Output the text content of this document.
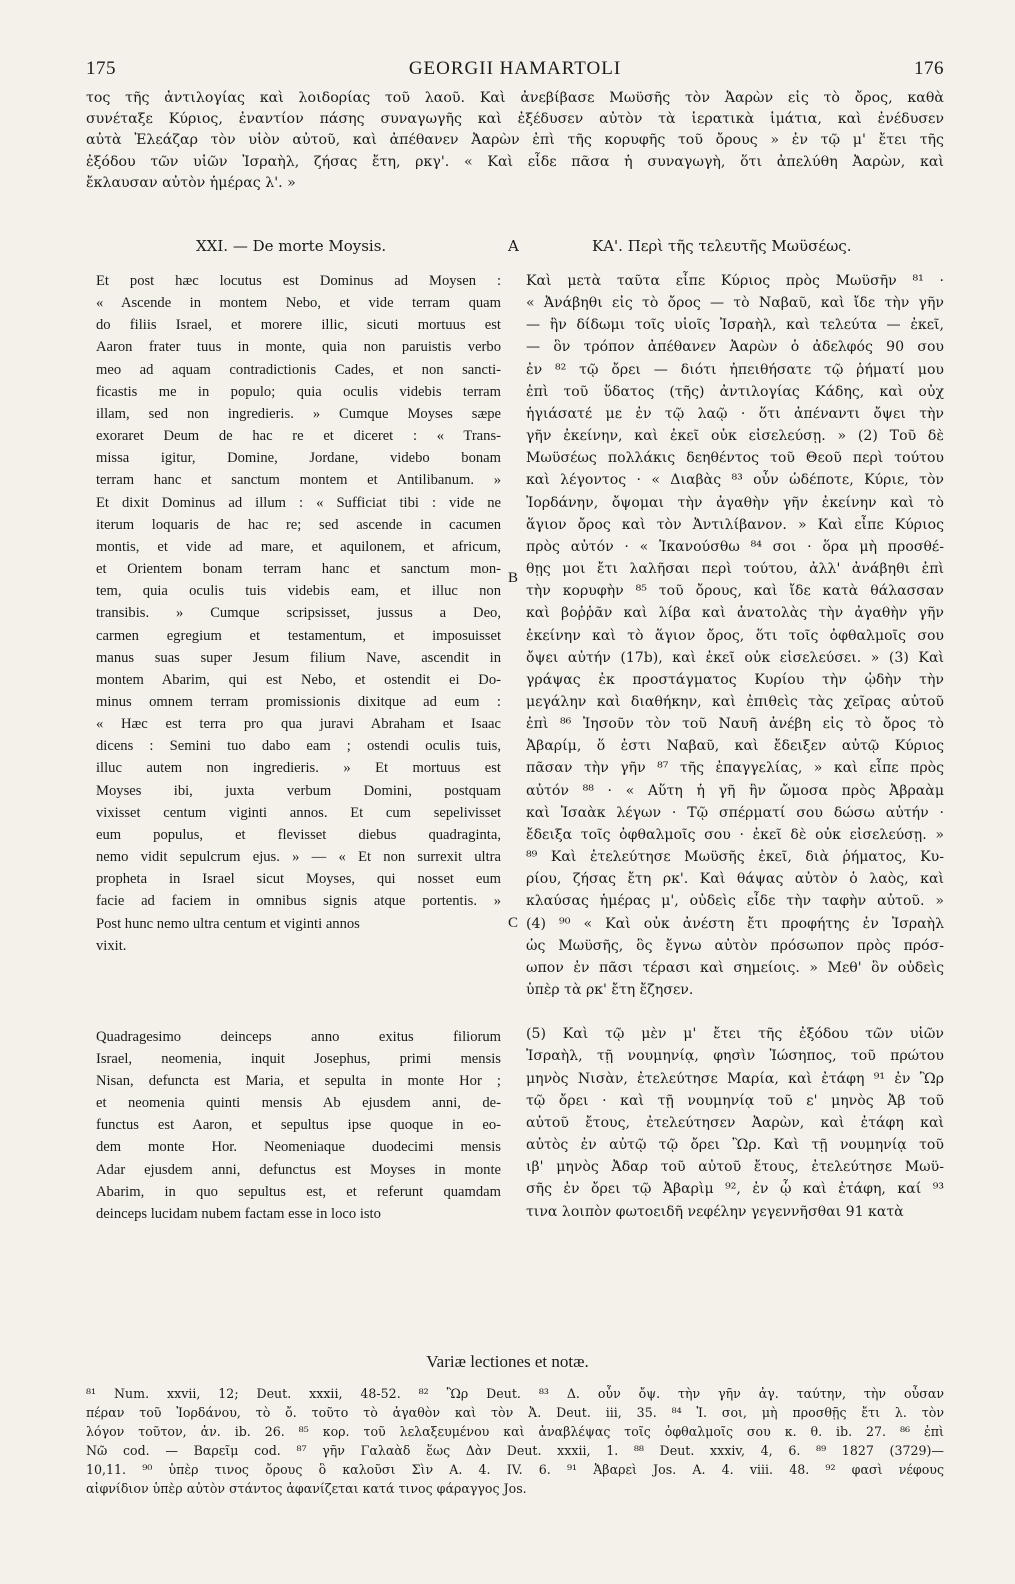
175	GEORGII HAMARTOLI	176
τος τῆς ἀντιλογίας καὶ λοιδορίας τοῦ λαοῦ. Καὶ ἀνεβίβασε Μωϋσῆς τὸν Ἀαρὼν εἰς τὸ ὄρος, καθὰ
συνέταξε Κύριος, ἐναντίον πάσης συναγωγῆς καὶ ἐξέδυσεν αὐτὸν τὰ ἱερατικὰ ἱμάτια, καὶ ἐνέδυσεν
αὐτὰ Ἐλεάζαρ τὸν υἱὸν αὐτοῦ, καὶ ἀπέθανεν Ἀαρὼν ἐπὶ τῆς κορυφῆς τοῦ ὄρους » ἐν τῷ μ' ἔτει τῆς
ἐξόδου τῶν υἱῶν Ἰσραὴλ, ζήσας ἔτη, ρκγ'. « Καὶ εἶδε πᾶσα ἡ συναγωγὴ, ὅτι ἀπελύθη Ἀαρὼν, καὶ
ἔκλαυσαν αὐτὸν ἡμέρας λ'. »
XXI. — De morte Moysis.	A	ΚΑ'. Περὶ τῆς τελευτῆς Μωϋσέως.
Et post hæc locutus est Dominus ad Moysen :
« Ascende in montem Nebo, et vide terram quam
do filiis Israel, et morere illic, sicuti mortuus est
Aaron frater tuus in monte, quia non paruistis verbo
meo ad aquam contradictionis Cades, et non sancti-
ficastis me in populo; quia oculis videbis terram
illam, sed non ingredieris. » Cumque Moyses sæpe
exoraret Deum de hac re et diceret : « Trans-
missa igitur, Domine, Jordane, videbo bonam
terram hanc et sanctum montem et Antilibanum. »
Et dixit Dominus ad illum : « Sufficiat tibi : vide ne
iterum loquaris de hac re; sed ascende in cacumen
montis, et vide ad mare, et aquilonem, et africum,
et Orientem bonam terram hanc et sanctum mon-
tem, quia oculis tuis videbis eam, et illuc non
transibis. » Cumque scripsisset, jussus a Deo,
carmen egregium et testamentum, et imposuisset
manus suas super Jesum filium Nave, ascendit in
montem Abarim, qui est Nebo, et ostendit ei Do-
minus omnem terram promissionis dixitque ad eum :
« Hæc est terra pro qua juravi Abraham et Isaac
dicens : Semini tuo dabo eam ; ostendi oculis tuis,
illuc autem non ingredieris. » Et mortuus est
Moyses ibi, juxta verbum Domini, postquam
vixisset centum viginti annos. Et cum sepelivisset
eum populus, et flevisset diebus quadraginta,
nemo vidit sepulcrum ejus. » — « Et non surrexit ultra
propheta in Israel sicut Moyses, qui nosset eum
facie ad faciem in omnibus signis atque portentis. »
Post hunc nemo ultra centum et viginti annos
vixit.
Quadragesimo deinceps anno exitus filiorum
Israel, neomenia, inquit Josephus, primi mensis
Nisan, defuncta est Maria, et sepulta in monte Hor ;
et neomenia quinti mensis Ab ejusdem anni, de-
functus est Aaron, et sepultus ipse quoque in eo-
dem monte Hor. Neomeniaque duodecimi mensis
Adar ejusdem anni, defunctus est Moyses in monte
Abarim, in quo sepultus est, et referunt quamdam
deinceps lucidam nubem factam esse in loco isto
Καὶ μετὰ ταῦτα εἶπε Κύριος πρὸς Μωϋσῆν ⁸¹ ·
« Ἀνάβηθι εἰς τὸ ὄρος — τὸ Ναβαῦ, καὶ ἴδε τὴν γῆν
— ἣν δίδωμι τοῖς υἱοῖς Ἰσραὴλ, καὶ τελεύτα — ἐκεῖ,
— ὃν τρόπον ἀπέθανεν Ἀαρὼν ὁ ἀδελφός 90 σου
ἐν ⁸² τῷ ὄρει — διότι ἠπειθήσατε τῷ ῥήματί μου
ἐπὶ τοῦ ὕδατος (τῆς) ἀντιλογίας Κάδης, καὶ οὐχ
ἡγιάσατέ με ἐν τῷ λαῷ · ὅτι ἀπέναντι ὄψει τὴν
γῆν ἐκείνην, καὶ ἐκεῖ οὐκ εἰσελεύσῃ. » (2) Τοῦ δὲ
Μωϋσέως πολλάκις δεηθέντος τοῦ Θεοῦ περὶ τούτου
καὶ λέγοντος · « Διαβὰς ⁸³ οὖν ὡδέποτε, Κύριε, τὸν
Ἰορδάνην, ὄψομαι τὴν ἀγαθὴν γῆν ἐκείνην καὶ τὸ
ἅγιον ὄρος καὶ τὸν Ἀντιλίβανον. » Καὶ εἶπε Κύριος
πρὸς αὐτόν · « Ἱκανούσθω ⁸⁴ σοι · ὅρα μὴ προσθέ-
θῃς μοι ἔτι λαλῆσαι περὶ τούτου, ἀλλ' ἀνάβηθι ἐπὶ
τὴν κορυφὴν ⁸⁵ τοῦ ὄρους, καὶ ἴδε κατὰ θάλασσαν
καὶ βοῤῥᾶν καὶ λίβα καὶ ἀνατολὰς τὴν ἀγαθὴν γῆν
ἐκείνην καὶ τὸ ἅγιον ὄρος, ὅτι τοῖς ὀφθαλμοῖς σου
ὄψει αὐτήν (17b), καὶ ἐκεῖ οὐκ εἰσελεύσει. » (3) Καὶ
γράψας ἐκ προστάγματος Κυρίου τὴν ᾠδὴν τὴν
μεγάλην καὶ διαθήκην, καὶ ἐπιθεὶς τὰς χεῖρας αὐτοῦ
ἐπὶ ⁸⁶ Ἰησοῦν τὸν τοῦ Ναυῆ ἀνέβη εἰς τὸ ὄρος τὸ
Ἀβαρίμ, ὅ ἐστι Ναβαῦ, καὶ ἔδειξεν αὐτῷ Κύριος
πᾶσαν τὴν γῆν ⁸⁷ τῆς ἐπαγγελίας, » καὶ εἶπε πρὸς
αὐτόν ⁸⁸ · « Αὕτη ἡ γῆ ἣν ὤμοσα πρὸς Ἀβραὰμ
καὶ Ἰσαὰκ λέγων · Τῷ σπέρματί σου δώσω αὐτήν ·
ἔδειξα τοῖς ὀφθαλμοῖς σου · ἐκεῖ δὲ οὐκ εἰσελεύσῃ. »
⁸⁹ Καὶ ἐτελεύτησε Μωϋσῆς ἐκεῖ, διὰ ῥήματος, Κυ-
ρίου, ζήσας ἔτη ρκ'. Καὶ θάψας αὐτὸν ὁ λαὸς, καὶ
κλαύσας ἡμέρας μ', οὐδεὶς εἶδε τὴν ταφὴν αὐτοῦ. »
(4) ⁹⁰ « Καὶ οὐκ ἀνέστη ἔτι προφήτης ἐν Ἰσραὴλ
ὡς Μωϋσῆς, ὃς ἔγνω αὐτὸν πρόσωπον πρὸς πρόσ-
ωπον ἐν πᾶσι τέρασι καὶ σημείοις. » Μεθ' ὃν οὐδεὶς
ὑπὲρ τὰ ρκ' ἔτη ἔζησεν.

(5) Καὶ τῷ μὲν μ' ἔτει τῆς ἐξόδου τῶν υἱῶν
Ἰσραὴλ, τῇ νουμηνίᾳ, φησὶν Ἰώσηπος, τοῦ πρώτου
μηνὸς Νισὰν, ἐτελεύτησε Μαρία, καὶ ἐτάφη ⁹¹ ἐν Ὢρ
τῷ ὄρει · καὶ τῇ νουμηνίᾳ τοῦ ε' μηνὸς Ἀβ τοῦ
αὐτοῦ ἔτους, ἐτελεύτησεν Ἀαρὼν, καὶ ἐτάφη καὶ
αὐτὸς ἐν αὐτῷ τῷ ὄρει Ὢρ. Καὶ τῇ νουμηνίᾳ τοῦ
ιβ' μηνὸς Ἀδαρ τοῦ αὐτοῦ ἔτους, ἐτελεύτησε Μωϋ-
σῆς ἐν ὄρει τῷ Ἀβαρὶμ ⁹², ἐν ᾧ καὶ ἐτάφη, καί ⁹³
τινα λοιπὸν φωτοειδῆ νεφέλην γεγεννῆσθαι 91 κατὰ
B
C
Variæ lectiones et notæ.
⁸¹ Num. xxvii, 12; Deut. xxxii, 48-52. ⁸² Ὢρ Deut. ⁸³ Δ. οὖν ὄψ. τὴν γῆν ἀγ. ταύτην, τὴν οὖσαν
πέραν τοῦ Ἰορδάνου, τὸ ὄ. τοῦτο τὸ ἀγαθὸν καὶ τὸν Ἀ. Deut. iii, 35. ⁸⁴ Ἱ. σοι, μὴ προσθῇς ἔτι λ. τὸν
λόγον τοῦτον, ἀν. ib. 26. ⁸⁵ κορ. τοῦ λελαξευμένου καὶ ἀναβλέψας τοῖς ὀφθαλμοῖς σου κ. θ. ib. 27. ⁸⁶ ἐπὶ
Νῶ cod. — Βαρεῖμ cod. ⁸⁷ γῆν Γαλαὰδ ἕως Δὰν Deut. xxxii, 1. ⁸⁸ Deut. xxxiv, 4, 6. ⁸⁹ 1827 (3729)—
10,11. ⁹⁰ ὑπὲρ τινος ὄρους ὃ καλοῦσι Σὶν Α. 4. IV. 6. ⁹¹ Ἀβαρεὶ Jos. A. 4. viii. 48. ⁹² φασὶ νέφους
αἰφνίδιον ὑπὲρ αὐτὸν στάντος ἀφανίζεται κατά τινος φάραγγος Jos.
